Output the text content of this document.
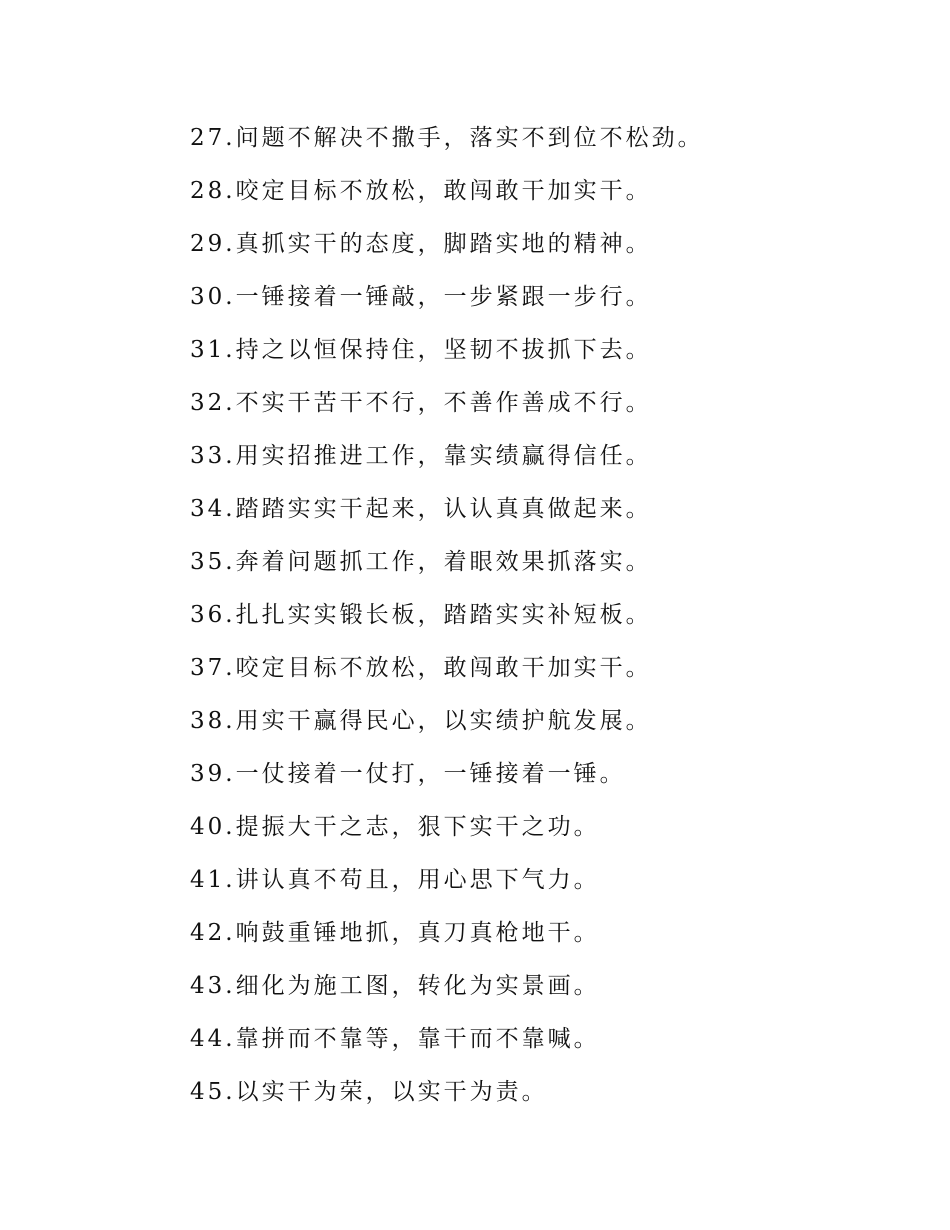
27.问题不解决不撒手，落实不到位不松劲。
28.咬定目标不放松，敢闯敢干加实干。
29.真抓实干的态度，脚踏实地的精神。
30.一锤接着一锤敲，一步紧跟一步行。
31.持之以恒保持住，坚韧不拔抓下去。
32.不实干苦干不行，不善作善成不行。
33.用实招推进工作，靠实绩赢得信任。
34.踏踏实实干起来，认认真真做起来。
35.奔着问题抓工作，着眼效果抓落实。
36.扎扎实实锻长板，踏踏实实补短板。
37.咬定目标不放松，敢闯敢干加实干。
38.用实干赢得民心，以实绩护航发展。
39.一仗接着一仗打，一锤接着一锤。
40.提振大干之志，狠下实干之功。
41.讲认真不苟且，用心思下气力。
42.响鼓重锤地抓，真刀真枪地干。
43.细化为施工图，转化为实景画。
44.靠拼而不靠等，靠干而不靠喊。
45.以实干为荣，以实干为责。
